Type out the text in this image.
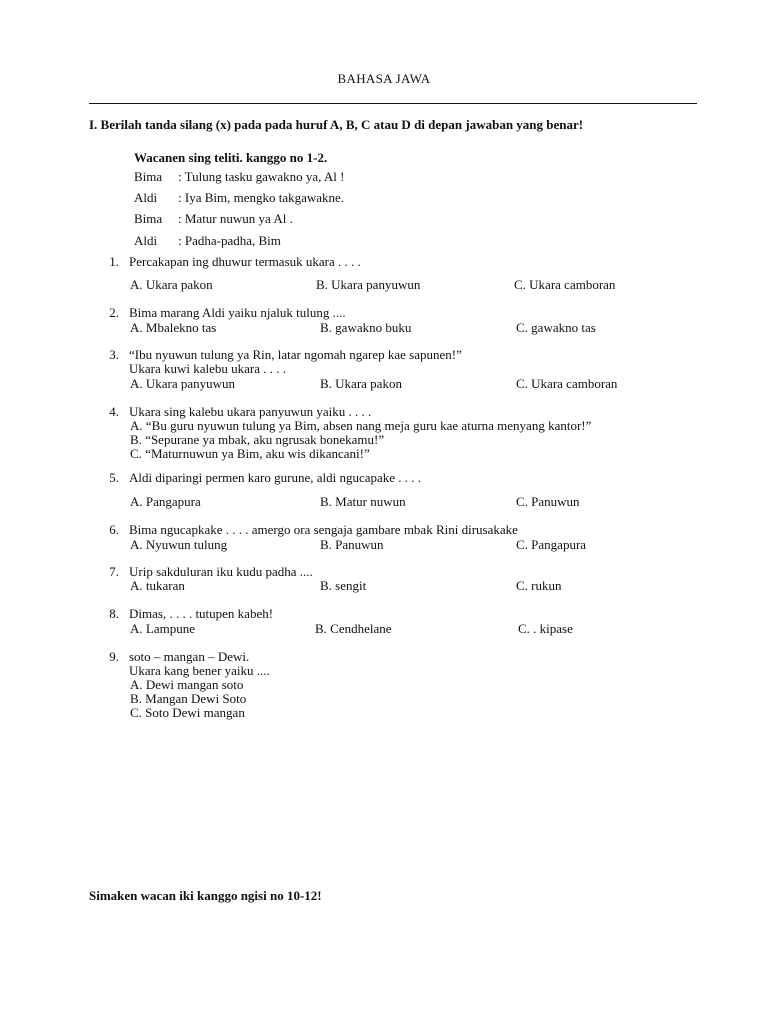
BAHASA JAWA
I. Berilah tanda silang (x) pada pada huruf A, B, C atau D di depan jawaban yang benar!
Wacanen sing teliti. kanggo no 1-2.
Bima : Tulung tasku gawakno ya, Al !
Aldi : Iya Bim, mengko takgawakne.
Bima : Matur nuwun ya Al .
Aldi : Padha-padha, Bim
1. Percakapan ing dhuwur termasuk ukara . . . .
A. Ukara pakon	B. Ukara panyuwun	C. Ukara camboran
2. Bima marang Aldi yaiku njaluk tulung ....
A. Mbalekno tas	B. gawakno buku	C. gawakno tas
3. “Ibu nyuwun tulung ya Rin, latar ngomah ngarep kae sapunen!”
Ukara kuwi kalebu ukara . . . .
A. Ukara panyuwun	B. Ukara pakon	C. Ukara camboran
4. Ukara sing kalebu ukara panyuwun yaiku . . . .
A. “Bu guru nyuwun tulung ya Bim, absen nang meja guru kae aturna menyang kantor!”
B. “Sepurane ya mbak, aku ngrusak bonekamu!”
C. “Maturnuwun ya Bim, aku wis dikancani!”
5. Aldi diparingi permen karo gurune, aldi ngucapake . . . .
A. Pangapura	B. Matur nuwun	C. Panuwun
6. Bima ngucapkake . . . . amergo ora sengaja gambare mbak Rini dirusakake
A. Nyuwun tulung	B. Panuwun	C. Pangapura
7. Urip sakduluran iku kudu padha ....
A. tukaran	B. sengit	C. rukun
8. Dimas, . . . . tutupen kabeh!
A. Lampune	B. Cendhelane	C. . kipase
9. soto – mangan – Dewi.
Ukara kang bener yaiku ....
A. Dewi mangan soto
B. Mangan Dewi Soto
C. Soto Dewi mangan
Simaken wacan iki kanggo ngisi no 10-12!
